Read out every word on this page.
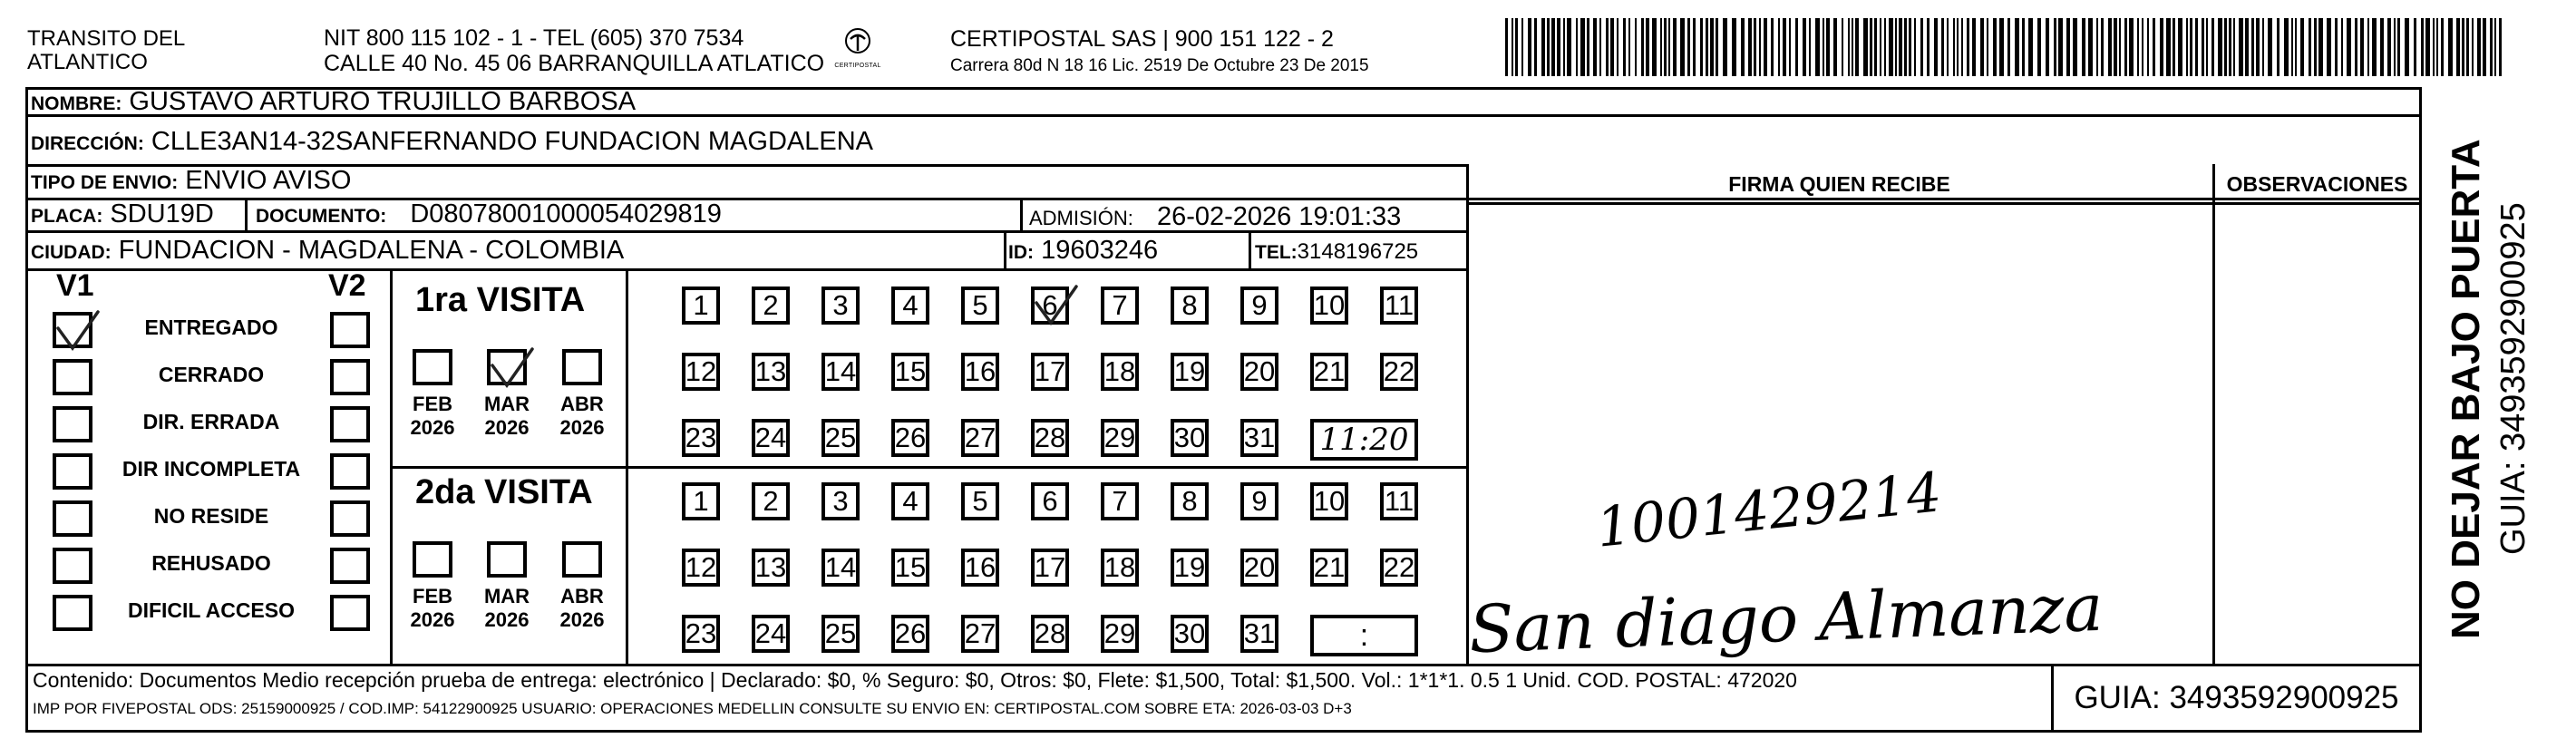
TRANSITO DEL
ATLANTICO
NIT 800 115 102 - 1 - TEL (605) 370 7534
CALLE 40 No. 45 06 BARRANQUILLA ATLATICO	CERTIPOSTAL
CERTIPOSTAL SAS | 900 151 122 - 2
Carrera 80d N 18 16 Lic. 2519 De Octubre 23 De 2015
NOMBRE: GUSTAVO ARTURO TRUJILLO BARBOSA
DIRECCIÓN: CLLE3AN14-32SANFERNANDO FUNDACION MAGDALENA
TIPO DE ENVIO: ENVIO AVISO
PLACA: SDU19D DOCUMENTO: D08078001000054029819	ADMISIÓN: 26-02-2026 19:01:33
CIUDAD: FUNDACION - MAGDALENA - COLOMBIA	ID: 19603246	TEL:3148196725
FIRMA QUIEN RECIBE	OBSERVACIONES
V1	V2
ENTREGADO
CERRADO
DIR. ERRADA
DIR INCOMPLETA
NO RESIDE
REHUSADO
DIFICIL ACCESO
1ra VISITA
FEB
2026
MAR
2026
ABR
2026
1 2 3 4 5 6 7 8 9 10 11
12 13 14 15 16 17 18 19 20 21 22
23 24 25 26 27 28 29 30 31 11:20
2da VISITA
FEB
2026
MAR
2026
ABR
2026
1 2 3 4 5 6 7 8 9 10 11
12 13 14 15 16 17 18 19 20 21 22
23 24 25 26 27 28 29 30 31	:
1001429214
San diago Almanza
Contenido: Documentos Medio recepción prueba de entrega: electrónico | Declarado: $0, % Seguro: $0, Otros: $0, Flete: $1,500, Total: $1,500. Vol.: 1*1*1. 0.5 1 Unid. COD. POSTAL: 472020
IMP POR FIVEPOSTAL ODS: 25159000925 / COD.IMP: 54122900925 USUARIO: OPERACIONES MEDELLIN CONSULTE SU ENVIO EN: CERTIPOSTAL.COM SOBRE ETA: 2026-03-03 D+3	GUIA: 3493592900925
NO DEJAR BAJO PUERTA GUIA: 3493592900925
